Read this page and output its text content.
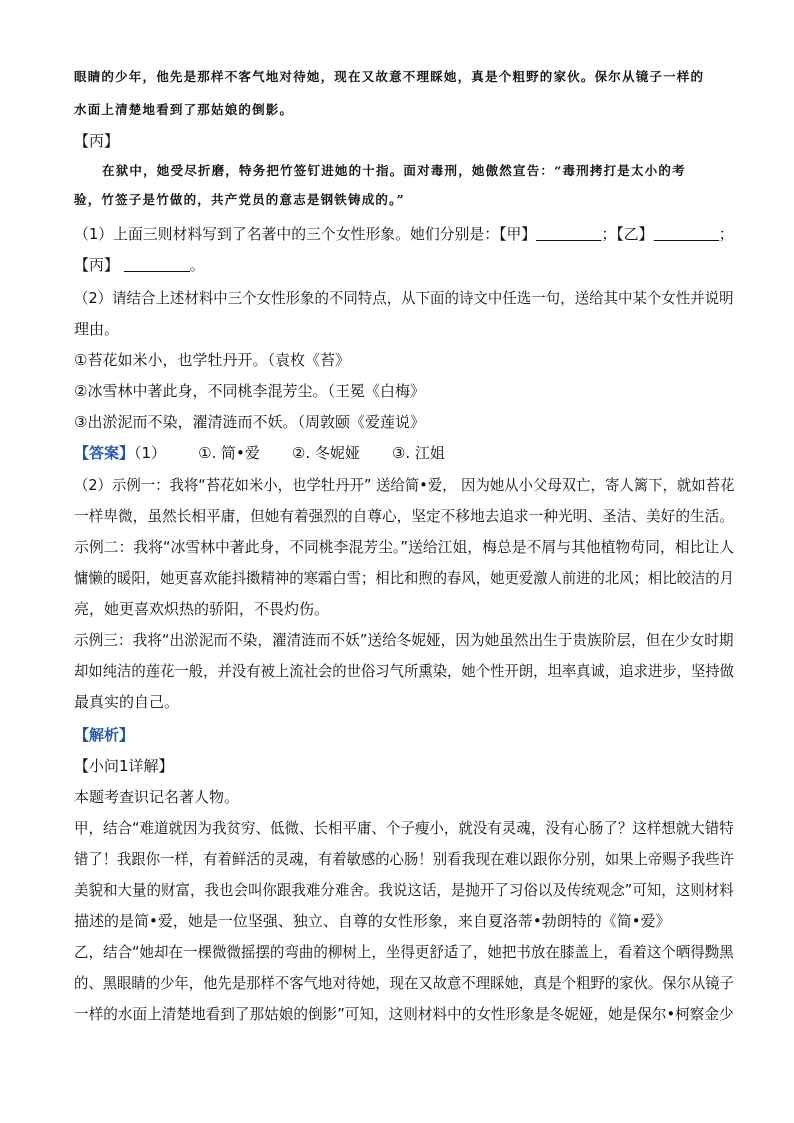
眼睛的少年，他先是那样不客气地对待她，现在又故意不理睬她，真是个粗野的家伙。保尔从镜子一样的
水面上清楚地看到了那姑娘的倒影。
【丙】
在狱中，她受尽折磨，特务把竹签钉进她的十指。面对毒刑，她傲然宣告：“毒刑拷打是太小的考
验，竹签子是竹做的，共产党员的意志是钢铁铸成的。”
（1）上面三则材料写到了名著中的三个女性形象。她们分别是：【甲】	；【乙】	；
【丙】	。
（2）请结合上述材料中三个女性形象的不同特点，从下面的诗文中任选一句，送给其中某个女性并说明
理由。
①苔花如米小，也学牡丹开。（袁枚《苔》
②冰雪林中著此身，不同桃李混芳尘。（王冕《白梅》
③出淤泥而不染，濯清涟而不妖。（周敦颐《爱莲说》
【答案】（1） ①. 简•爱 ②. 冬妮娅 ③. 江姐
（2）示例一：我将“苔花如米小，也学牡丹开” 送给简•爱， 因为她从小父母双亡，寄人篱下，就如苔花
一样卑微，虽然长相平庸，但她有着强烈的自尊心，坚定不移地去追求一种光明、圣洁、美好的生活。
示例二：我将“冰雪林中著此身，不同桃李混芳尘。”送给江姐，梅总是不屑与其他植物苟同，相比让人
慵懒的暖阳，她更喜欢能抖擞精神的寒霜白雪；相比和煦的春风，她更爱激人前进的北风；相比皎洁的月
亮，她更喜欢炽热的骄阳，不畏灼伤。
示例三：我将“出淤泥而不染，濯清涟而不妖”送给冬妮娅，因为她虽然出生于贵族阶层，但在少女时期
却如纯洁的莲花一般，并没有被上流社会的世俗习气所熏染，她个性开朗，坦率真诚，追求进步，坚持做
最真实的自己。
【解析】
【小问1详解】
本题考查识记名著人物。
甲，结合“难道就因为我贫穷、低微、长相平庸、个子瘦小，就没有灵魂，没有心肠了？这样想就大错特
错了！我跟你一样，有着鲜活的灵魂，有着敏感的心肠！别看我现在难以跟你分别，如果上帝赐予我些许
美貌和大量的财富，我也会叫你跟我难分难舍。我说这话，是抛开了习俗以及传统观念”可知，这则材料
描述的是简•爱，她是一位坚强、独立、自尊的女性形象，来自夏洛蒂•勃朗特的《简•爱》
乙，结合“她却在一棵微微摇摆的弯曲的柳树上，坐得更舒适了，她把书放在膝盖上，看着这个晒得黝黑
的、黑眼睛的少年，他先是那样不客气地对待她，现在又故意不理睬她，真是个粗野的家伙。保尔从镜子
一样的水面上清楚地看到了那姑娘的倒影”可知，这则材料中的女性形象是冬妮娅，她是保尔•柯察金少
